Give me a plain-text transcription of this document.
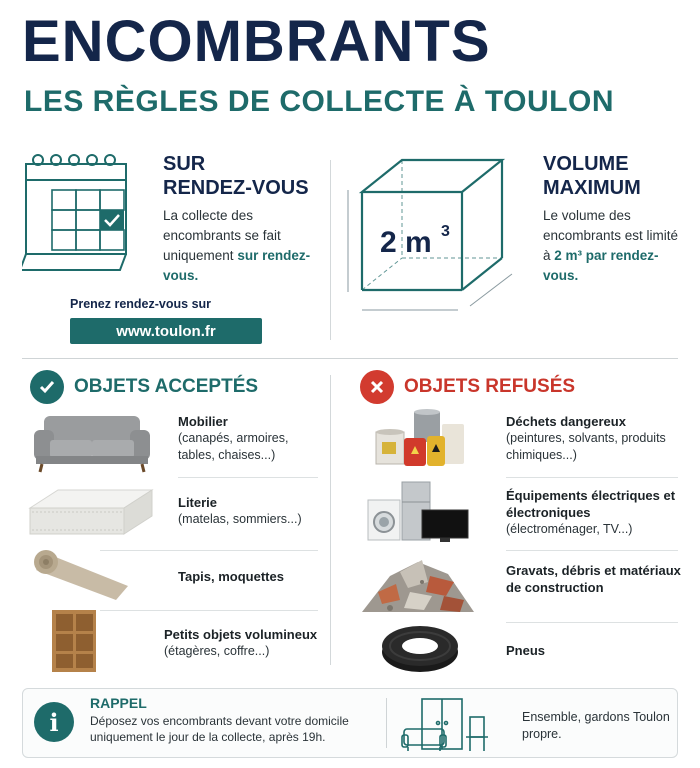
ENCOMBRANTS
LES RÈGLES DE COLLECTE À TOULON
SUR
RENDEZ-VOUS
La collecte des encombrants se fait uniquement sur rendez-vous.
Prenez rendez-vous sur
www.toulon.fr
2 m 3
VOLUME
MAXIMUM
Le volume des encombrants est limité à 2 m³ par rendez-vous.
OBJETS ACCEPTÉS
Mobilier
(canapés, armoires, tables, chaises...)
Literie
(matelas, sommiers...)
Tapis, moquettes
Petits objets volumineux
(étagères, coffre...)
OBJETS REFUSÉS
Déchets dangereux
(peintures, solvants, produits chimiques...)
Équipements électriques et électroniques
(électroménager, TV...)
Gravats, débris et matériaux de construction
Pneus
i
RAPPEL
Déposez vos encombrants devant votre domicile uniquement le jour de la collecte, après 19h.
Ensemble, gardons Toulon propre.
